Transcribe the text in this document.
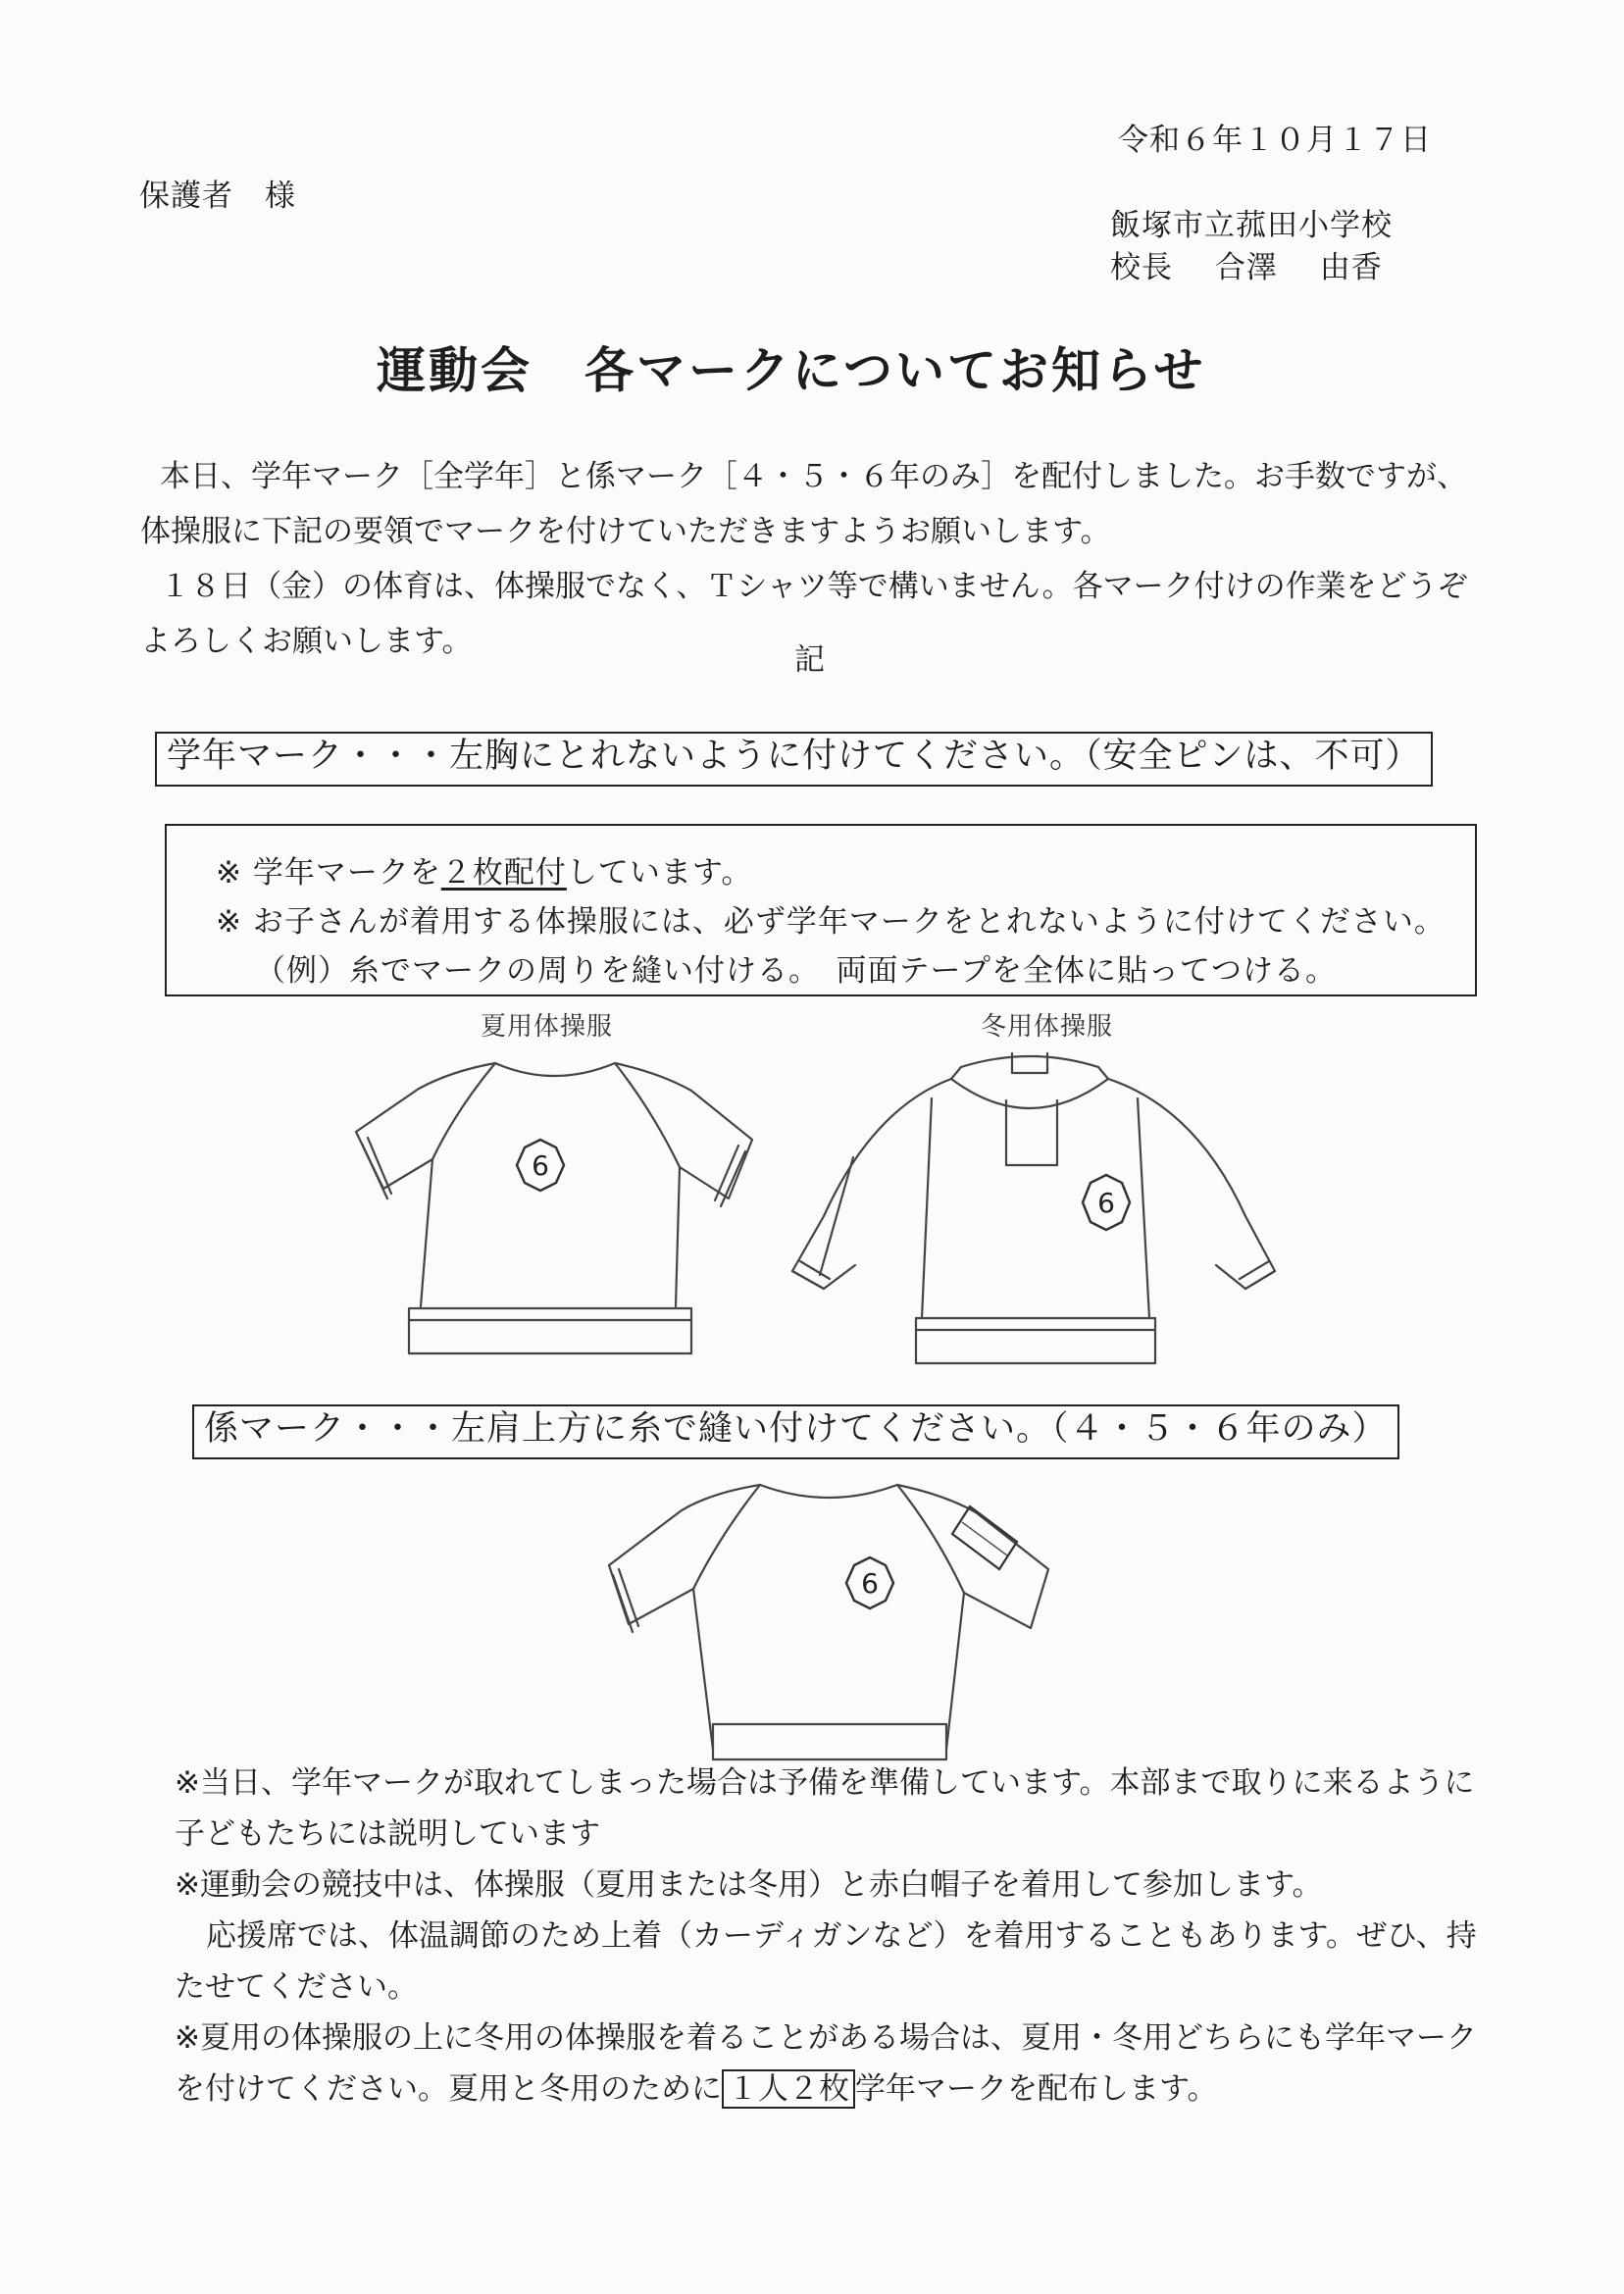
令和６年１０月１７日
保護者　様
飯塚市立菰田小学校
校長　 合澤　 由香
運動会　各マークについてお知らせ

本日、学年マーク［全学年］と係マーク［４・５・６年のみ］を配付しました。お手数ですが、体操服に下記の要領でマークを付けていただきますようお願いします。

１８日（金）の体育は、体操服でなく、Ｔシャツ等で構いません。各マーク付けの作業をどうぞよろしくお願いします。

記
学年マーク・・・左胸にとれないように付けてください。（安全ピンは、不可）
※ 学年マークを２枚配付しています。
※ お子さんが着用する体操服には、必ず学年マークをとれないように付けてください。
（例）糸でマークの周りを縫い付ける。　両面テープを全体に貼ってつける。
夏用体操服	冬用体操服
6
6
係マーク・・・左肩上方に糸で縫い付けてください。（４・５・６年のみ）
6

※当日、学年マークが取れてしまった場合は予備を準備しています。本部まで取りに来るように子どもたちには説明しています

※運動会の競技中は、体操服（夏用または冬用）と赤白帽子を着用して参加します。

応援席では、体温調節のため上着（カーディガンなど）を着用することもあります。ぜひ、持たせてください。

※夏用の体操服の上に冬用の体操服を着ることがある場合は、夏用・冬用どちらにも学年マークを付けてください。夏用と冬用のために １人２枚 学年マークを配布します。
